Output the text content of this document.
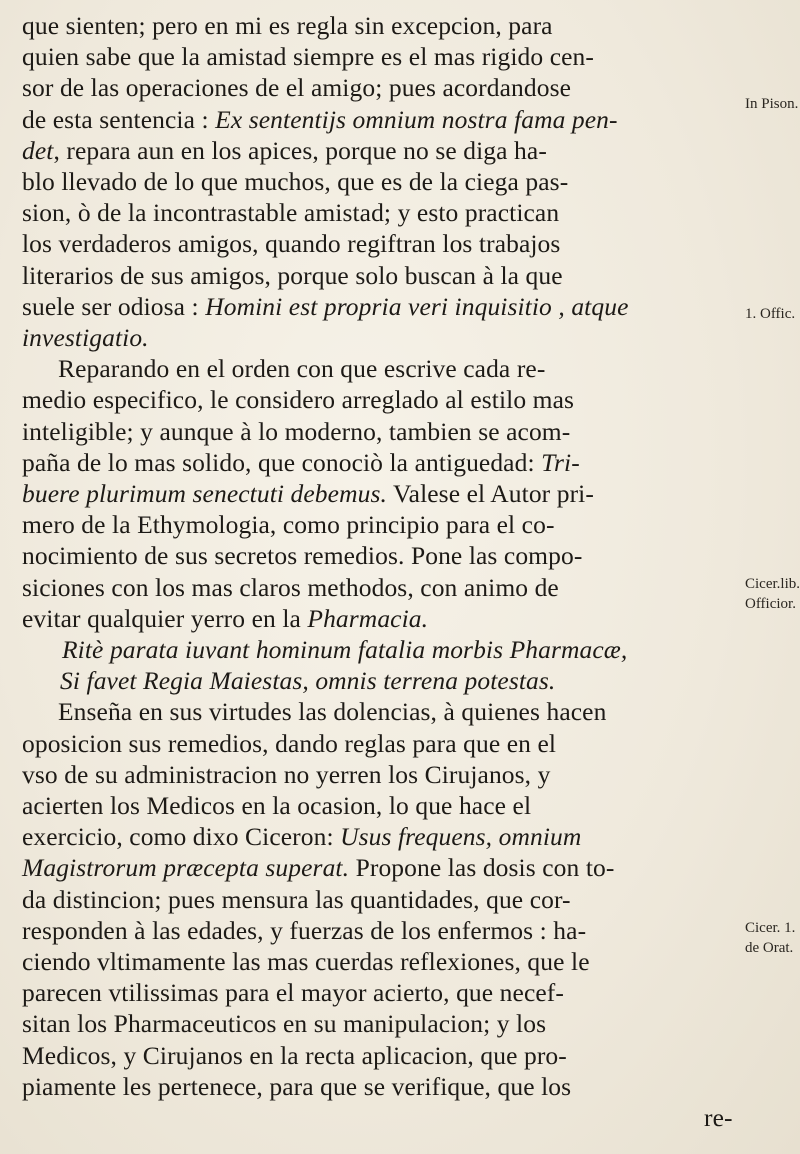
que sienten; pero en mi es regla sin excepcion, para
quien sabe que la amistad siempre es el mas rigido cen-
sor de las operaciones de el amigo; pues acordandose
de esta sentencia : Ex sententijs omnium nostra fama pen-
det, repara aun en los apices, porque no se diga ha-
blo llevado de lo que muchos, que es de la ciega pas-
sion, ò de la incontrastable amistad; y esto practican
los verdaderos amigos, quando regiftran los trabajos
literarios de sus amigos, porque solo buscan à la que
suele ser odiosa : Homini est propria veri inquisitio , atque
investigatio.
Reparando en el orden con que escrive cada re-
medio especifico, le considero arreglado al estilo mas
inteligible; y aunque à lo moderno, tambien se acom-
paña de lo mas solido, que conociò la antiguedad: Tri-
buere plurimum senectuti debemus. Valese el Autor pri-
mero de la Ethymologia, como principio para el co-
nocimiento de sus secretos remedios. Pone las compo-
siciones con los mas claros methodos, con animo de
evitar qualquier yerro en la Pharmacia.
Ritè parata iuvant hominum fatalia morbis Pharmacæ,
Si favet Regia Maiestas, omnis terrena potestas.
Enseña en sus virtudes las dolencias, à quienes hacen
oposicion sus remedios, dando reglas para que en el
vso de su administracion no yerren los Cirujanos, y
acierten los Medicos en la ocasion, lo que hace el
exercicio, como dixo Ciceron: Usus frequens, omnium
Magistrorum præcepta superat. Propone las dosis con to-
da distincion; pues mensura las quantidades, que cor-
responden à las edades, y fuerzas de los enfermos : ha-
ciendo vltimamente las mas cuerdas reflexiones, que le
parecen vtilissimas para el mayor acierto, que necef-
sitan los Pharmaceuticos en su manipulacion; y los
Medicos, y Cirujanos en la recta aplicacion, que pro-
piamente les pertenece, para que se verifique, que los
re-
In Pison.
1. Offic.
Cicer.lib.
Officior.
Cicer. 1.
de Orat.
